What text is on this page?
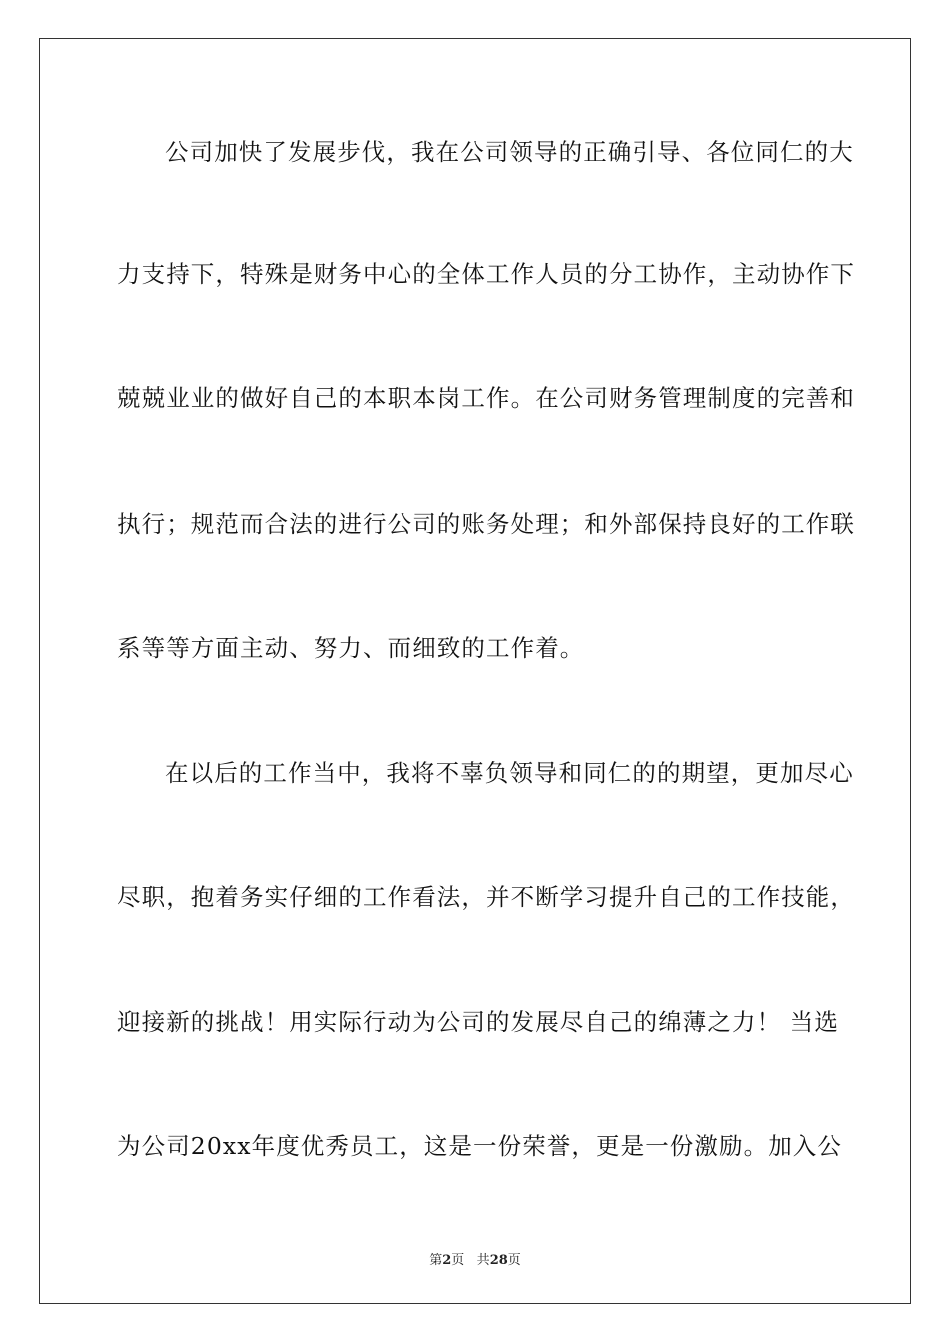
公司加快了发展步伐，我在公司领导的正确引导、各位同仁的大
力支持下，特殊是财务中心的全体工作人员的分工协作，主动协作下
兢兢业业的做好自己的本职本岗工作。在公司财务管理制度的完善和
执行；规范而合法的进行公司的账务处理；和外部保持良好的工作联
系等等方面主动、努力、而细致的工作着。
在以后的工作当中，我将不辜负领导和同仁的的期望，更加尽心
尽职，抱着务实仔细的工作看法，并不断学习提升自己的工作技能，
迎接新的挑战！用实际行动为公司的发展尽自己的绵薄之力！ 当选
为公司20xx年度优秀员工，这是一份荣誉，更是一份激励。加入公
第2页 共28页
